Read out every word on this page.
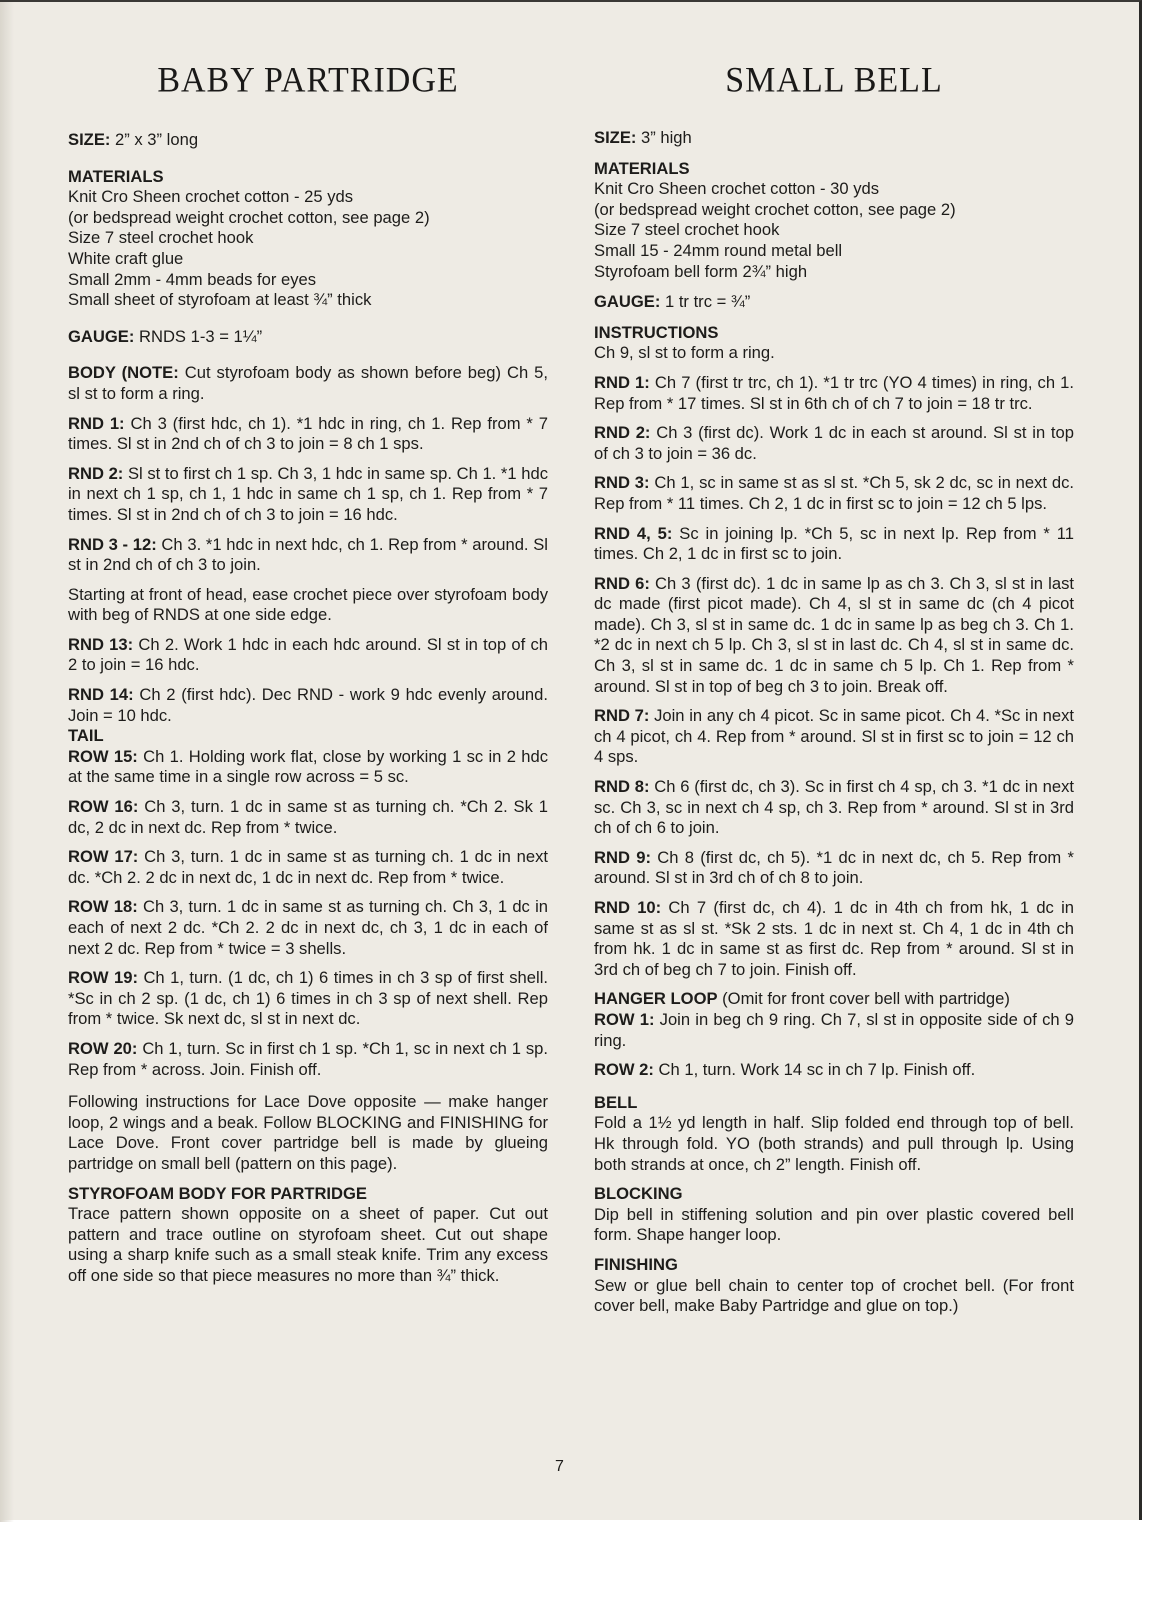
BABY PARTRIDGE

SIZE: 2” x 3” long

MATERIALS
Knit Cro Sheen crochet cotton - 25 yds
(or bedspread weight crochet cotton, see page 2)
Size 7 steel crochet hook
White craft glue
Small 2mm - 4mm beads for eyes
Small sheet of styrofoam at least ¾” thick

GAUGE: RNDS 1-3 = 1¼”

BODY (NOTE: Cut styrofoam body as shown before beg) Ch 5, sl st to form a ring.

RND 1: Ch 3 (first hdc, ch 1). *1 hdc in ring, ch 1. Rep from * 7 times. Sl st in 2nd ch of ch 3 to join = 8 ch 1 sps.

RND 2: Sl st to first ch 1 sp. Ch 3, 1 hdc in same sp. Ch 1. *1 hdc in next ch 1 sp, ch 1, 1 hdc in same ch 1 sp, ch 1. Rep from * 7 times. Sl st in 2nd ch of ch 3 to join = 16 hdc.

RND 3 - 12: Ch 3. *1 hdc in next hdc, ch 1. Rep from * around. Sl st in 2nd ch of ch 3 to join.

Starting at front of head, ease crochet piece over styrofoam body with beg of RNDS at one side edge.

RND 13: Ch 2. Work 1 hdc in each hdc around. Sl st in top of ch 2 to join = 16 hdc.

RND 14: Ch 2 (first hdc). Dec RND - work 9 hdc evenly around. Join = 10 hdc.

TAIL

ROW 15: Ch 1. Holding work flat, close by working 1 sc in 2 hdc at the same time in a single row across = 5 sc.

ROW 16: Ch 3, turn. 1 dc in same st as turning ch. *Ch 2. Sk 1 dc, 2 dc in next dc. Rep from * twice.

ROW 17: Ch 3, turn. 1 dc in same st as turning ch. 1 dc in next dc. *Ch 2. 2 dc in next dc, 1 dc in next dc. Rep from * twice.

ROW 18: Ch 3, turn. 1 dc in same st as turning ch. Ch 3, 1 dc in each of next 2 dc. *Ch 2. 2 dc in next dc, ch 3, 1 dc in each of next 2 dc. Rep from * twice = 3 shells.

ROW 19: Ch 1, turn. (1 dc, ch 1) 6 times in ch 3 sp of first shell. *Sc in ch 2 sp. (1 dc, ch 1) 6 times in ch 3 sp of next shell. Rep from * twice. Sk next dc, sl st in next dc.

ROW 20: Ch 1, turn. Sc in first ch 1 sp. *Ch 1, sc in next ch 1 sp. Rep from * across. Join. Finish off.

Following instructions for Lace Dove opposite — make hanger loop, 2 wings and a beak. Follow BLOCKING and FINISHING for Lace Dove. Front cover partridge bell is made by glueing partridge on small bell (pattern on this page).

STYROFOAM BODY FOR PARTRIDGE

Trace pattern shown opposite on a sheet of paper. Cut out pattern and trace outline on styrofoam sheet. Cut out shape using a sharp knife such as a small steak knife. Trim any excess off one side so that piece measures no more than ¾” thick.

SMALL BELL

SIZE: 3” high

MATERIALS
Knit Cro Sheen crochet cotton - 30 yds
(or bedspread weight crochet cotton, see page 2)
Size 7 steel crochet hook
Small 15 - 24mm round metal bell
Styrofoam bell form 2¾” high

GAUGE: 1 tr trc = ¾”

INSTRUCTIONS

Ch 9, sl st to form a ring.

RND 1: Ch 7 (first tr trc, ch 1). *1 tr trc (YO 4 times) in ring, ch 1. Rep from * 17 times. Sl st in 6th ch of ch 7 to join = 18 tr trc.

RND 2: Ch 3 (first dc). Work 1 dc in each st around. Sl st in top of ch 3 to join = 36 dc.

RND 3: Ch 1, sc in same st as sl st. *Ch 5, sk 2 dc, sc in next dc. Rep from * 11 times. Ch 2, 1 dc in first sc to join = 12 ch 5 lps.

RND 4, 5: Sc in joining lp. *Ch 5, sc in next lp. Rep from * 11 times. Ch 2, 1 dc in first sc to join.

RND 6: Ch 3 (first dc). 1 dc in same lp as ch 3. Ch 3, sl st in last dc made (first picot made). Ch 4, sl st in same dc (ch 4 picot made). Ch 3, sl st in same dc. 1 dc in same lp as beg ch 3. Ch 1. *2 dc in next ch 5 lp. Ch 3, sl st in last dc. Ch 4, sl st in same dc. Ch 3, sl st in same dc. 1 dc in same ch 5 lp. Ch 1. Rep from * around. Sl st in top of beg ch 3 to join. Break off.

RND 7: Join in any ch 4 picot. Sc in same picot. Ch 4. *Sc in next ch 4 picot, ch 4. Rep from * around. Sl st in first sc to join = 12 ch 4 sps.

RND 8: Ch 6 (first dc, ch 3). Sc in first ch 4 sp, ch 3. *1 dc in next sc. Ch 3, sc in next ch 4 sp, ch 3. Rep from * around. Sl st in 3rd ch of ch 6 to join.

RND 9: Ch 8 (first dc, ch 5). *1 dc in next dc, ch 5. Rep from * around. Sl st in 3rd ch of ch 8 to join.

RND 10: Ch 7 (first dc, ch 4). 1 dc in 4th ch from hk, 1 dc in same st as sl st. *Sk 2 sts. 1 dc in next st. Ch 4, 1 dc in 4th ch from hk. 1 dc in same st as first dc. Rep from * around. Sl st in 3rd ch of beg ch 7 to join. Finish off.

HANGER LOOP (Omit for front cover bell with partridge)

ROW 1: Join in beg ch 9 ring. Ch 7, sl st in opposite side of ch 9 ring.

ROW 2: Ch 1, turn. Work 14 sc in ch 7 lp. Finish off.

BELL

Fold a 1½ yd length in half. Slip folded end through top of bell. Hk through fold. YO (both strands) and pull through lp. Using both strands at once, ch 2” length. Finish off.

BLOCKING

Dip bell in stiffening solution and pin over plastic covered bell form. Shape hanger loop.

FINISHING

Sew or glue bell chain to center top of crochet bell. (For front cover bell, make Baby Partridge and glue on top.)

7
